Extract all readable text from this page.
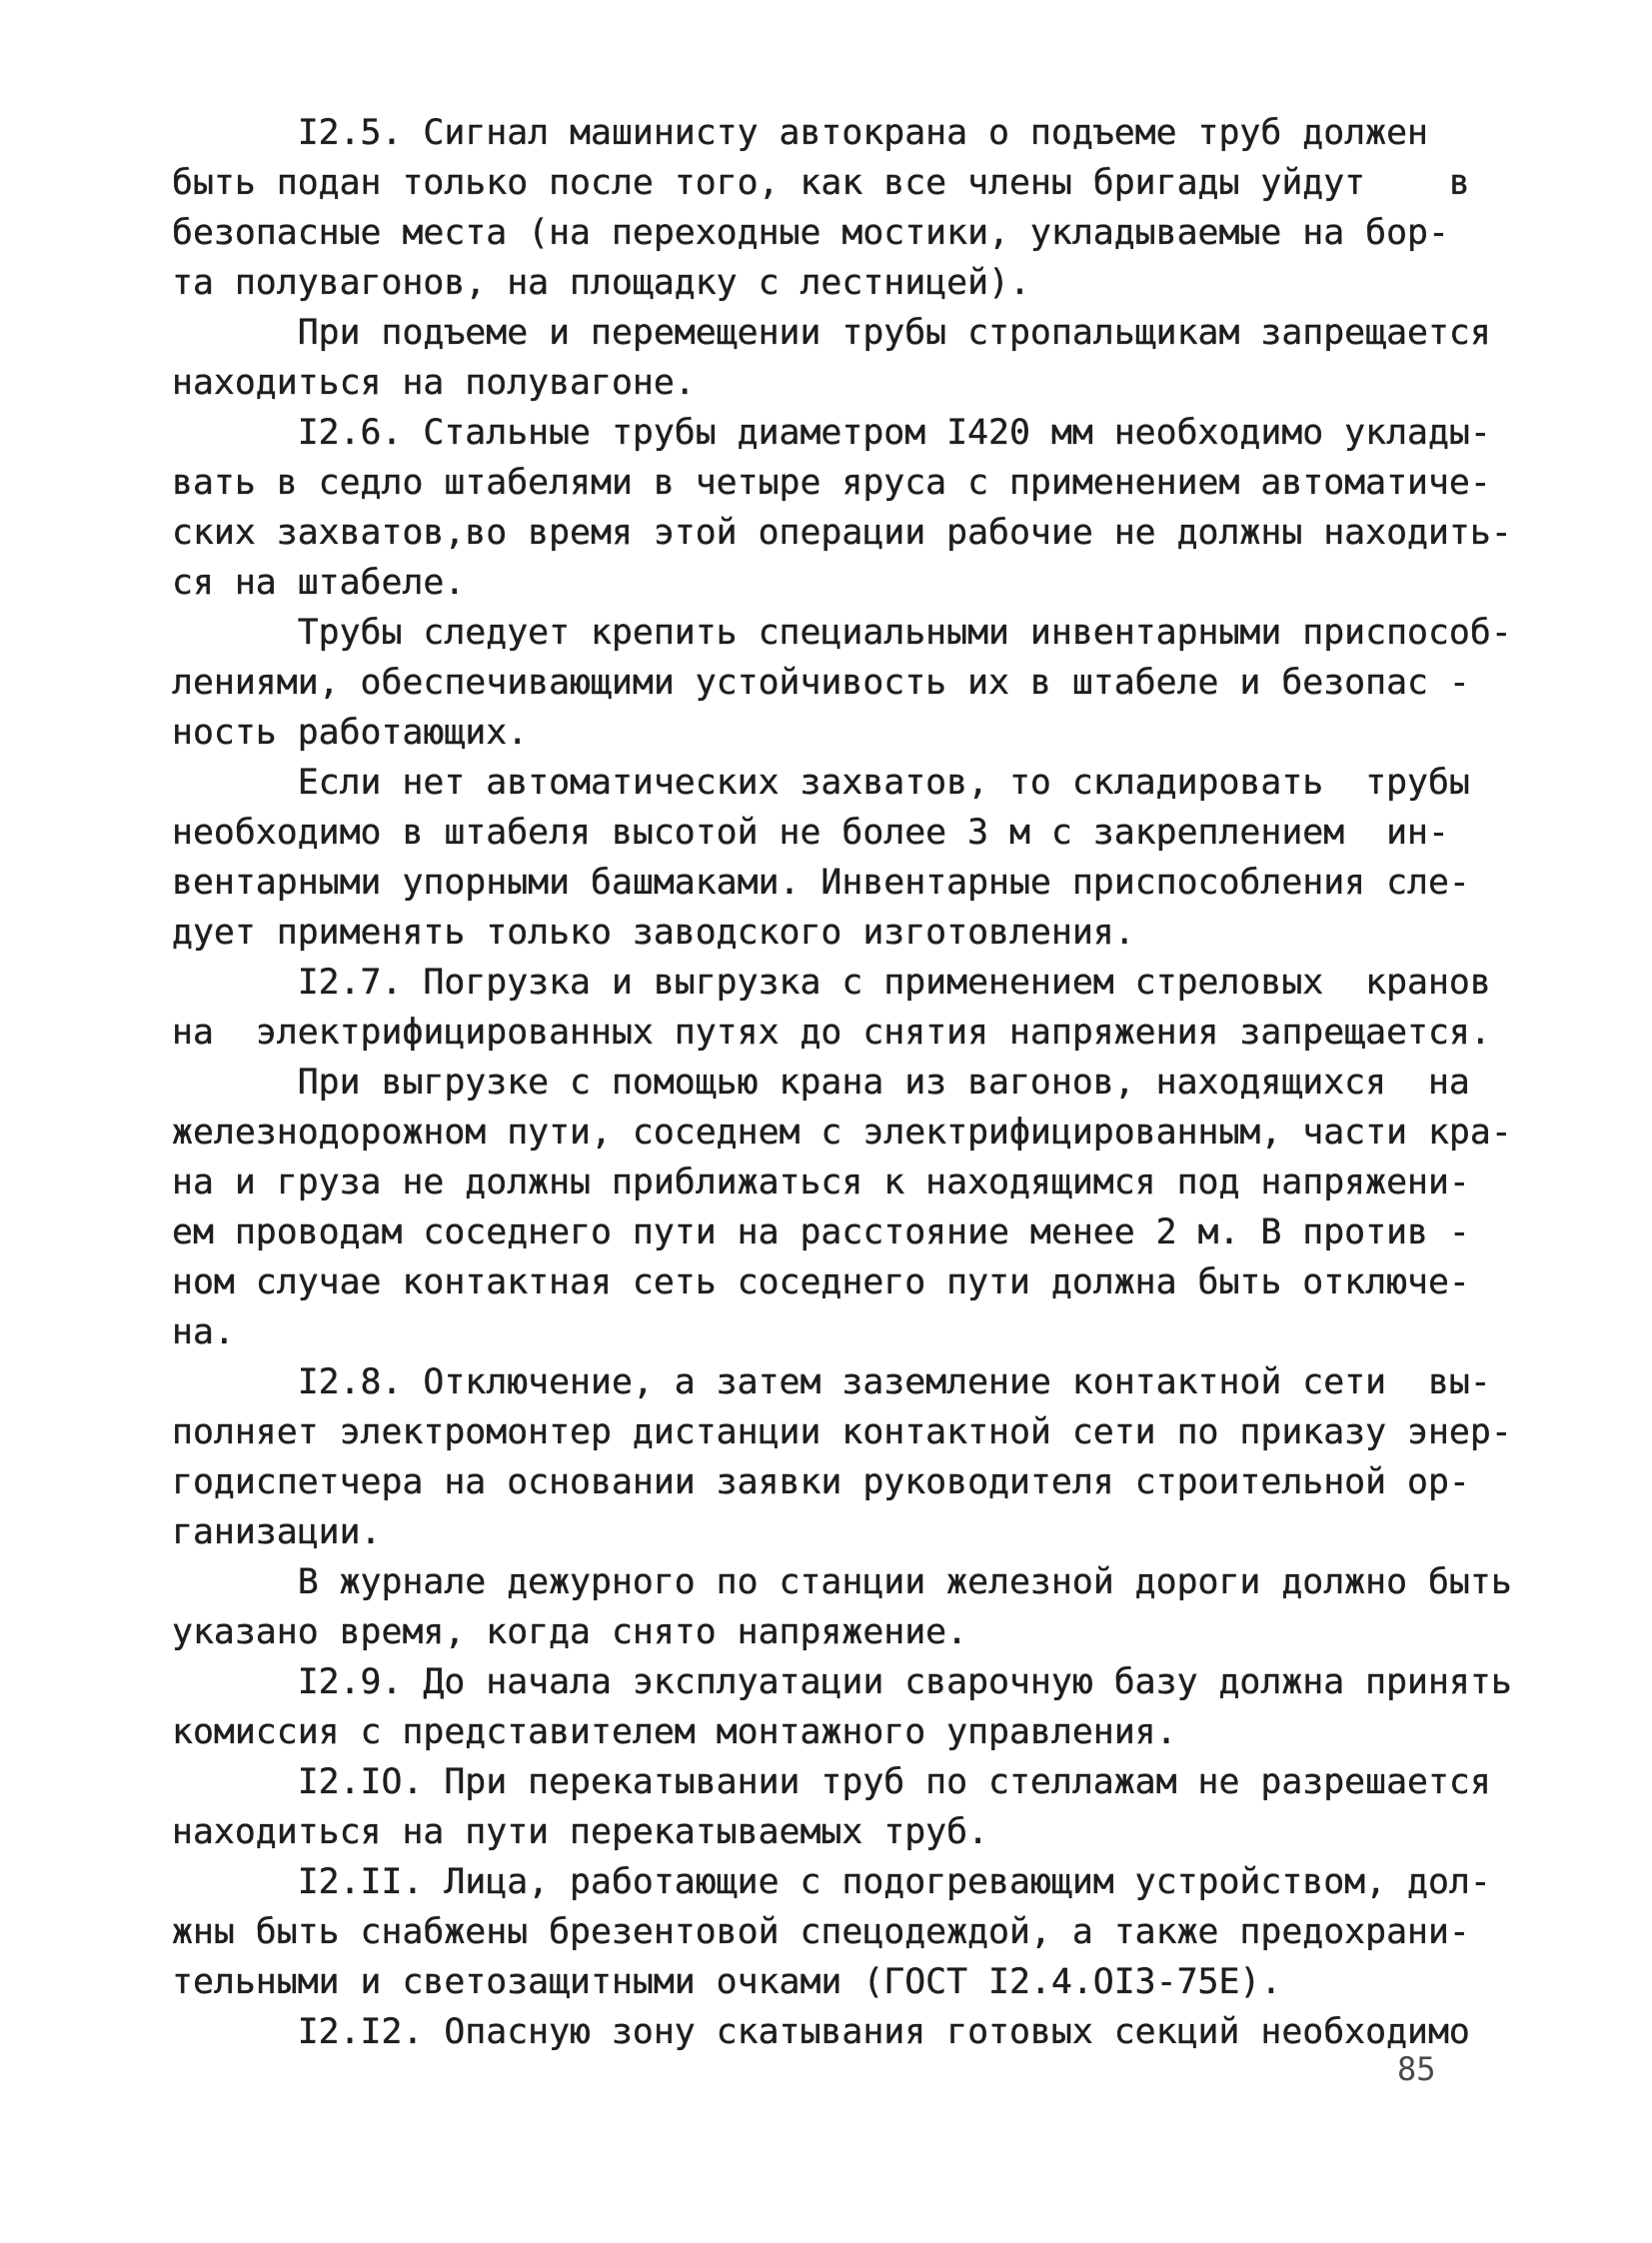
I2.5. Сигнал машинисту автокрана о подъеме труб должен
быть подан только после того, как все члены бригады уйдут    в
безопасные места (на переходные мостики, укладываемые на бор-
та полувагонов, на площадку с лестницей).
При подъеме и перемещении трубы стропальщикам запрещается
находиться на полувагоне.
I2.6. Стальные трубы диаметром I420 мм необходимо уклады-
вать в седло штабелями в четыре яруса с применением автоматиче-
ских захватов,во время этой операции рабочие не должны находить-
ся на штабеле.
Трубы следует крепить специальными инвентарными приспособ-
лениями, обеспечивающими устойчивость их в штабеле и безопас -
ность работающих.
Если нет автоматических захватов, то складировать  трубы
необходимо в штабеля высотой не более 3 м с закреплением  ин-
вентарными упорными башмаками. Инвентарные приспособления сле-
дует применять только заводского изготовления.
I2.7. Погрузка и выгрузка с применением стреловых  кранов
на  электрифицированных путях до снятия напряжения запрещается.
При выгрузке с помощью крана из вагонов, находящихся  на
железнодорожном пути, соседнем с электрифицированным, части кра-
на и груза не должны приближаться к находящимся под напряжени-
ем проводам соседнего пути на расстояние менее 2 м. В против -
ном случае контактная сеть соседнего пути должна быть отключе-
на.
I2.8. Отключение, а затем заземление контактной сети  вы-
полняет электромонтер дистанции контактной сети по приказу энер-
годиспетчера на основании заявки руководителя строительной ор-
ганизации.
В журнале дежурного по станции железной дороги должно быть
указано время, когда снято напряжение.
I2.9. До начала эксплуатации сварочную базу должна принять
комиссия с представителем монтажного управления.
I2.IO. При перекатывании труб по стеллажам не разрешается
находиться на пути перекатываемых труб.
I2.II. Лица, работающие с подогревающим устройством, дол-
жны быть снабжены брезентовой спецодеждой, а также предохрани-
тельными и светозащитными очками (ГОСТ I2.4.OI3-75Е).
I2.I2. Опасную зону скатывания готовых секций необходимо
85
